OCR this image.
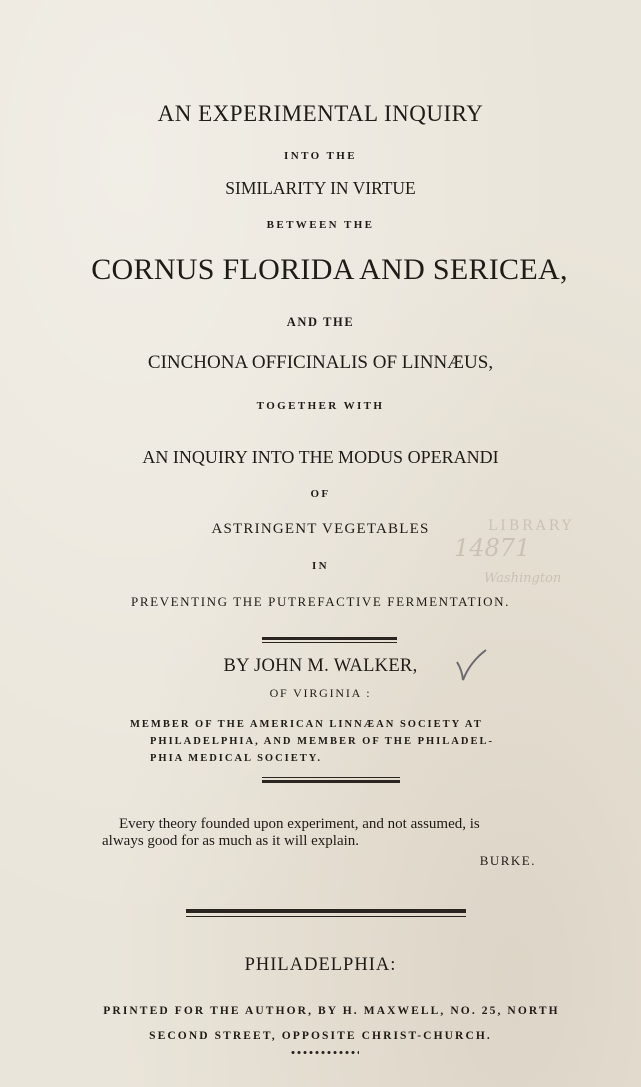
AN EXPERIMENTAL INQUIRY
INTO THE
SIMILARITY IN VIRTUE
BETWEEN THE
CORNUS FLORIDA AND SERICEA,
AND THE
CINCHONA OFFICINALIS OF LINNÆUS,
TOGETHER WITH
AN INQUIRY INTO THE MODUS OPERANDI
OF
ASTRINGENT VEGETABLES
IN
PREVENTING THE PUTREFACTIVE FERMENTATION.
LIBRARY
14871
Washington
BY JOHN M. WALKER,
OF VIRGINIA :
MEMBER OF THE AMERICAN LINNÆAN SOCIETY AT
PHILADELPHIA, AND MEMBER OF THE PHILADEL-
PHIA MEDICAL SOCIETY.
Every theory founded upon experiment, and not assumed, is
always good for as much as it will explain.
BURKE.
PHILADELPHIA:
PRINTED FOR THE AUTHOR, BY H. MAXWELL, NO. 25, NORTH
SECOND STREET, OPPOSITE CHRIST-CHURCH.
